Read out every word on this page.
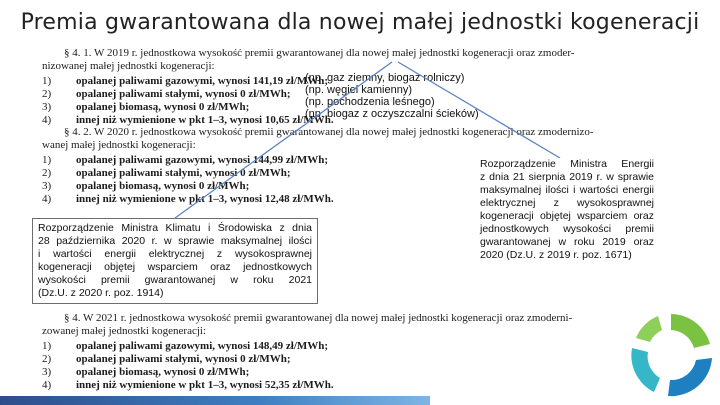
Premia gwarantowana dla nowej małej jednostki kogeneracji
§ 4. 1. W 2019 r. jednostkowa wysokość premii gwarantowanej dla nowej małej jednostki kogeneracji oraz zmoder-
nizowanej małej jednostki kogeneracji:
1)	opalanej paliwami gazowymi, wynosi 141,19 zł/MWh;
2)	opalanej paliwami stałymi, wynosi 0 zł/MWh;
3)	opalanej biomasą, wynosi 0 zł/MWh;
4)	innej niż wymienione w pkt 1–3, wynosi 10,65 zł/MWh.
(np. gaz ziemny, biogaz rolniczy)
(np. węgiel kamienny)
(np. pochodzenia leśnego)
(np. biogaz z oczyszczalni ścieków)
§ 4. 2. W 2020 r. jednostkowa wysokość premii gwarantowanej dla nowej małej jednostki kogeneracji oraz zmodernizo-
wanej małej jednostki kogeneracji:
1)	opalanej paliwami gazowymi, wynosi 144,99 zł/MWh;
2)	opalanej paliwami stałymi, wynosi 0 zł/MWh;
3)	opalanej biomasą, wynosi 0 zł/MWh;
4)	innej niż wymienione w pkt 1–3, wynosi 12,48 zł/MWh.
§ 4. W 2021 r. jednostkowa wysokość premii gwarantowanej dla nowej małej jednostki kogeneracji oraz zmoderni-
zowanej małej jednostki kogeneracji:
1)	opalanej paliwami gazowymi, wynosi 148,49 zł/MWh;
2)	opalanej paliwami stałymi, wynosi 0 zł/MWh;
3)	opalanej biomasą, wynosi 0 zł/MWh;
4)	innej niż wymienione w pkt 1–3, wynosi 52,35 zł/MWh.
Rozporządzenie Ministra Klimatu i Środowiska z dnia
28 października 2020 r. w sprawie maksymalnej ilości
i wartości energii elektrycznej z wysokosprawnej
kogeneracji objętej wsparciem oraz jednostkowych
wysokości premii gwarantowanej w roku 2021
(Dz.U. z 2020 r. poz. 1914)
Rozporządzenie Ministra Energii
z dnia 21 sierpnia 2019 r. w sprawie
maksymalnej ilości i wartości energii
elektrycznej z wysokosprawnej
kogeneracji objętej wsparciem oraz
jednostkowych wysokości premii
gwarantowanej w roku 2019 oraz
2020 (Dz.U. z 2019 r. poz. 1671)
